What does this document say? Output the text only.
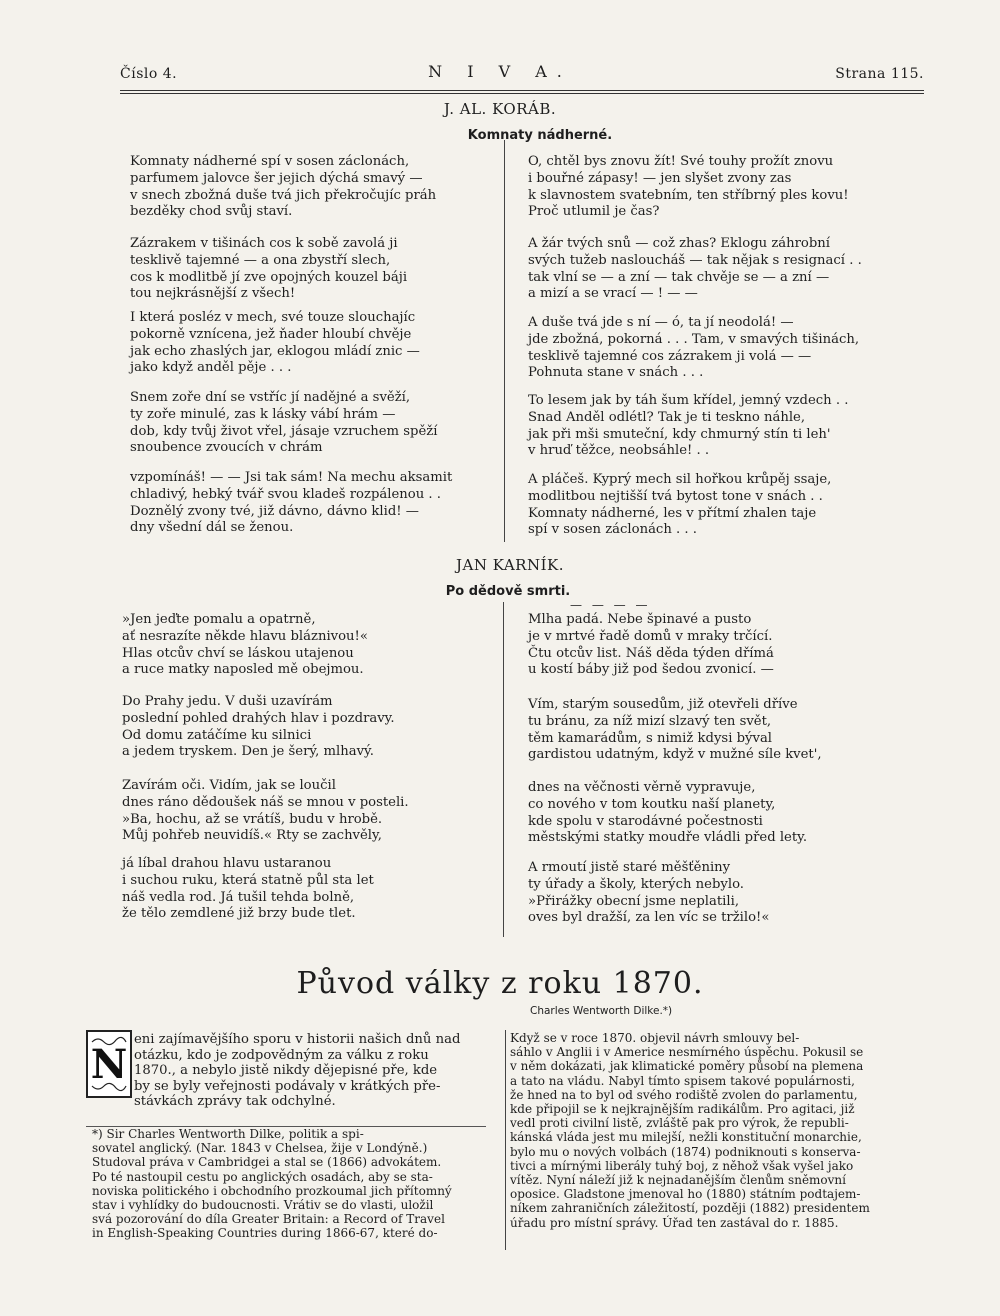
Číslo 4.	N I V A.	Strana 115.
J. AL. KORÁB.
Komnaty nádherné.
Komnaty nádherné spí v sosen záclonách,
parfumem jalovce šer jejich dýchá smavý —
v snech zbožná duše tvá jich překročujíc práh
bezděky chod svůj staví.
Zázrakem v tišinách cos k sobě zavolá ji
tesklivě tajemné — a ona zbystří slech,
cos k modlitbě jí zve opojných kouzel báji
tou nejkrásnější z všech!
I která posléz v mech, své touze slouchajíc
pokorně vznícena, jež ňader hloubí chvěje
jak echo zhaslých jar, eklogou mládí znic —
jako když anděl pěje . . .
Snem zoře dní se vstříc jí nadějné a svěží,
ty zoře minulé, zas k lásky vábí hrám —
dob, kdy tvůj život vřel, jásaje vzruchem spěží
snoubence zvoucích v chrám
vzpomínáš! — — Jsi tak sám! Na mechu aksamit
chladivý, hebký tvář svou kladeš rozpálenou . .
Doznělý zvony tvé, již dávno, dávno klid! —
dny všední dál se ženou.
O, chtěl bys znovu žít! Své touhy prožít znovu
i bouřné zápasy! — jen slyšet zvony zas
k slavnostem svatebním, ten stříbrný ples kovu!
Proč utlumil je čas?
A žár tvých snů — což zhas? Eklogu záhrobní
svých tužeb nasloucháš — tak nějak s resignací . .
tak vlní se — a zní — tak chvěje se — a zní —
a mizí a se vrací — ! — —
A duše tvá jde s ní — ó, ta jí neodolá! —
jde zbožná, pokorná . . . Tam, v smavých tišinách,
tesklivě tajemné cos zázrakem ji volá — —
Pohnuta stane v snách . . .
To lesem jak by táh šum křídel, jemný vzdech . .
Snad Anděl odlétl? Tak je ti teskno náhle,
jak při mši smuteční, kdy chmurný stín ti leh'
v hruď těžce, neobsáhle! . .
A pláčeš. Kyprý mech sil hořkou krůpěj ssaje,
modlitbou nejtišší tvá bytost tone v snách . .
Komnaty nádherné, les v přítmí zhalen taje
spí v sosen záclonách . . .
JAN KARNÍK.
Po dědově smrti.
— — — —
»Jen jeďte pomalu a opatrně,
ať nesrazíte někde hlavu bláznivou!«
Hlas otcův chví se láskou utajenou
a ruce matky naposled mě obejmou.
Do Prahy jedu. V duši uzavírám
poslední pohled drahých hlav i pozdravy.
Od domu zatáčíme ku silnici
a jedem tryskem. Den je šerý, mlhavý.
Zavírám oči. Vidím, jak se loučil
dnes ráno dědoušek náš se mnou v posteli.
»Ba, hochu, až se vrátíš, budu v hrobě.
Můj pohřeb neuvidíš.« Rty se zachvěly,
já líbal drahou hlavu ustaranou
i suchou ruku, která statně půl sta let
náš vedla rod. Já tušil tehda bolně,
že tělo zemdlené již brzy bude tlet.
Mlha padá. Nebe špinavé a pusto
je v mrtvé řadě domů v mraky trčící.
Čtu otcův list. Náš děda týden dřímá
u kostí báby již pod šedou zvonicí. —
Vím, starým sousedům, již otevřeli dříve
tu bránu, za níž mizí slzavý ten svět,
těm kamarádům, s nimiž kdysi býval
gardistou udatným, když v mužné síle kvet',
dnes na věčnosti věrně vypravuje,
co nového v tom koutku naší planety,
kde spolu v starodávné počestnosti
městskými statky moudře vládli před lety.
A rmoutí jistě staré měšťěniny
ty úřady a školy, kterých nebylo.
»Přirážky obecní jsme neplatili,
oves byl dražší, za len víc se tržilo!«
Původ války z roku 1870.
Charles Wentworth Dilke.*)
N
eni zajímavějšího sporu v historii našich dnů nad
otázku, kdo je zodpovědným za válku z roku
1870., a nebylo jistě nikdy dějepisné pře, kde
by se byly veřejnosti podávaly v krátkých pře-
stávkách zprávy tak odchylné.
*) Sir Charles Wentworth Dilke, politik a spi-
sovatel anglický. (Nar. 1843 v Chelsea, žije v Londýně.)
Studoval práva v Cambridgei a stal se (1866) advokátem.
Po té nastoupil cestu po anglických osadách, aby se sta-
noviska politického i obchodního prozkoumal jich přítomný
stav i vyhlídky do budoucnosti. Vrátiv se do vlasti, uložil
svá pozorování do díla Greater Britain: a Record of Travel
in English-Speaking Countries during 1866-67, které do-
Když se v roce 1870. objevil návrh smlouvy bel-
sáhlo v Anglii i v Americe nesmírného úspěchu. Pokusil se
v něm dokázati, jak klimatické poměry působí na plemena
a tato na vládu. Nabyl tímto spisem takové populárnosti,
že hned na to byl od svého rodiště zvolen do parlamentu,
kde připojil se k nejkrajnějším radikálům. Pro agitaci, již
vedl proti civilní listě, zvláště pak pro výrok, že republi-
kánská vláda jest mu milejší, nežli konstituční monarchie,
bylo mu o nových volbách (1874) podniknouti s konserva-
tivci a mírnými liberály tuhý boj, z něhož však vyšel jako
vítěz. Nyní náleží již k nejnadanějším členům sněmovní
oposice. Gladstone jmenoval ho (1880) státním podtajem-
níkem zahraničních záležitostí, později (1882) presidentem
úřadu pro místní správy. Úřad ten zastával do r. 1885.
